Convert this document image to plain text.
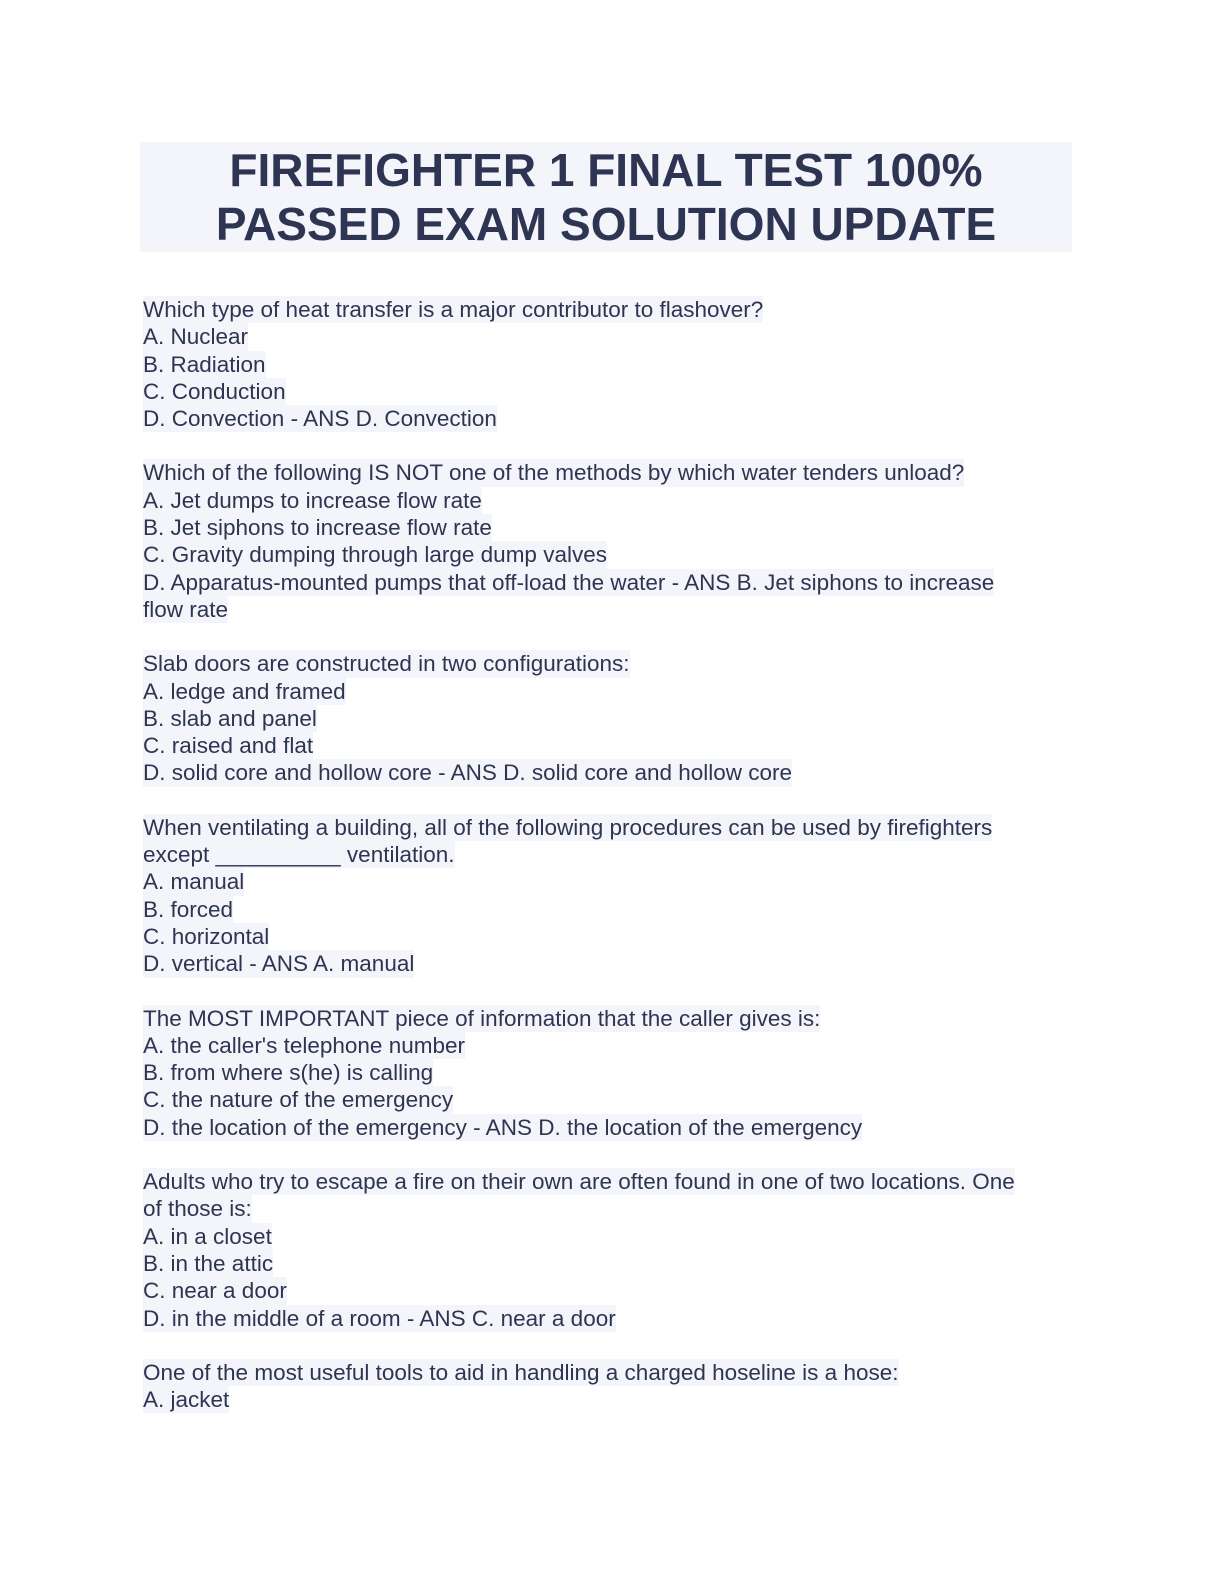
FIREFIGHTER 1 FINAL TEST 100%
PASSED EXAM SOLUTION UPDATE
Which type of heat transfer is a major contributor to flashover?
A. Nuclear
B. Radiation
C. Conduction
D. Convection - ANS D. Convection
Which of the following IS NOT one of the methods by which water tenders unload?
A. Jet dumps to increase flow rate
B. Jet siphons to increase flow rate
C. Gravity dumping through large dump valves
D. Apparatus-mounted pumps that off-load the water - ANS B. Jet siphons to increase
flow rate
Slab doors are constructed in two configurations:
A. ledge and framed
B. slab and panel
C. raised and flat
D. solid core and hollow core - ANS D. solid core and hollow core
When ventilating a building, all of the following procedures can be used by firefighters
except __________ ventilation.
A. manual
B. forced
C. horizontal
D. vertical - ANS A. manual
The MOST IMPORTANT piece of information that the caller gives is:
A. the caller's telephone number
B. from where s(he) is calling
C. the nature of the emergency
D. the location of the emergency - ANS D. the location of the emergency
Adults who try to escape a fire on their own are often found in one of two locations. One
of those is:
A. in a closet
B. in the attic
C. near a door
D. in the middle of a room - ANS C. near a door
One of the most useful tools to aid in handling a charged hoseline is a hose:
A. jacket
